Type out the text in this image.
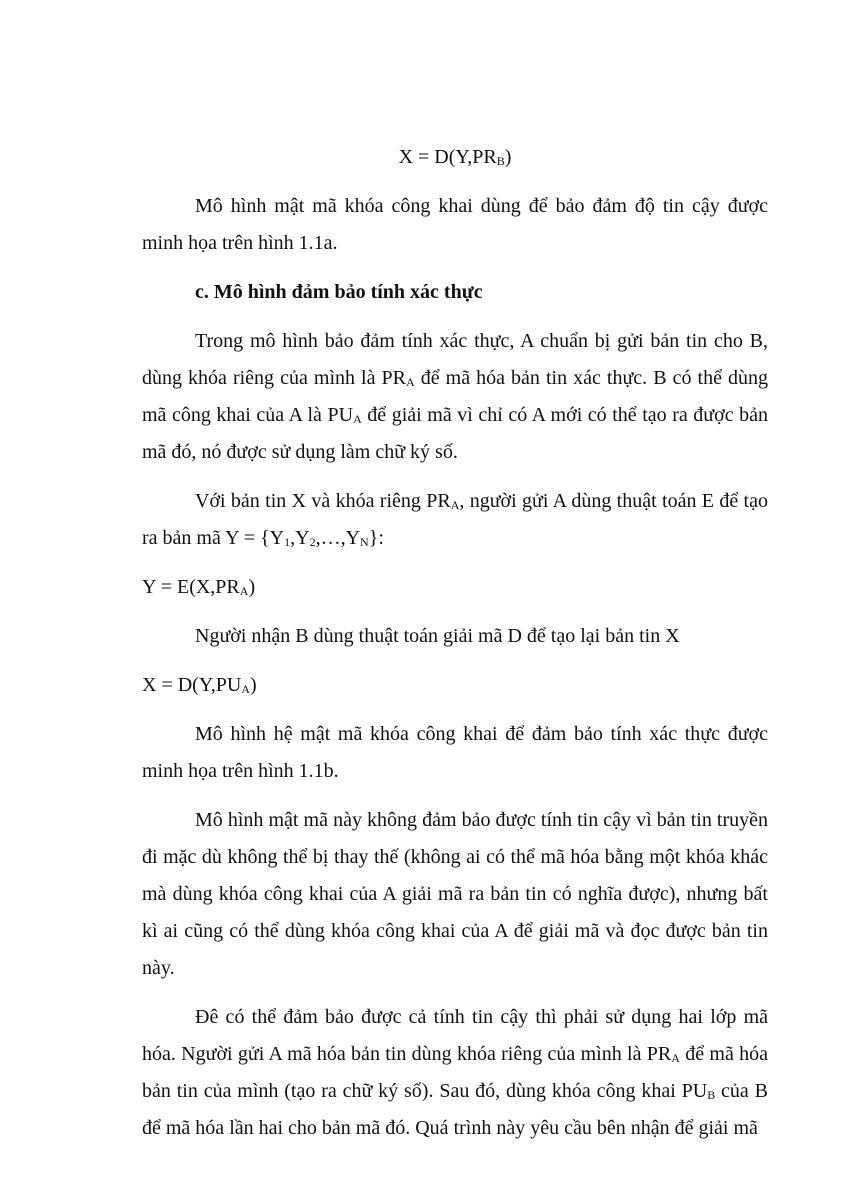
$X = D(Y,PR_B)$

Mô hình mật mã khóa công khai dùng để bảo đảm độ tin cậy được minh họa trên hình 1.1a.

c. Mô hình đảm bảo tính xác thực

Trong mô hình bảo đảm tính xác thực, A chuẩn bị gửi bản tin cho B, dùng khóa riêng của mình là $PR_A$ để mã hóa bản tin xác thực. B có thể dùng mã công khai của A là $PU_A$ để giải mã vì chỉ có A mới có thể tạo ra được bản mã đó, nó được sử dụng làm chữ ký số.

Với bản tin X và khóa riêng $PR_A$, người gửi A dùng thuật toán E để tạo ra bản mã $Y = \{Y_1,Y_2,\dots,Y_N\}$:

$Y = E(X,PR_A)$

Người nhận B dùng thuật toán giải mã D để tạo lại bản tin X

$X = D(Y,PU_A)$

Mô hình hệ mật mã khóa công khai để đảm bảo tính xác thực được minh họa trên hình 1.1b.

Mô hình mật mã này không đảm bảo được tính tin cậy vì bản tin truyền đi mặc dù không thể bị thay thế (không ai có thể mã hóa bằng một khóa khác mà dùng khóa công khai của A giải mã ra bản tin có nghĩa được), nhưng bất kì ai cũng có thể dùng khóa công khai của A để giải mã và đọc được bản tin này.

Đê có thể đảm bảo được cả tính tin cậy thì phải sử dụng hai lớp mã hóa. Người gửi A mã hóa bản tin dùng khóa riêng của mình là $PR_A$ để mã hóa bản tin của mình (tạo ra chữ ký số). Sau đó, dùng khóa công khai $PU_B$ của B để mã hóa lần hai cho bản mã đó. Quá trình này yêu cầu bên nhận để giải mã
